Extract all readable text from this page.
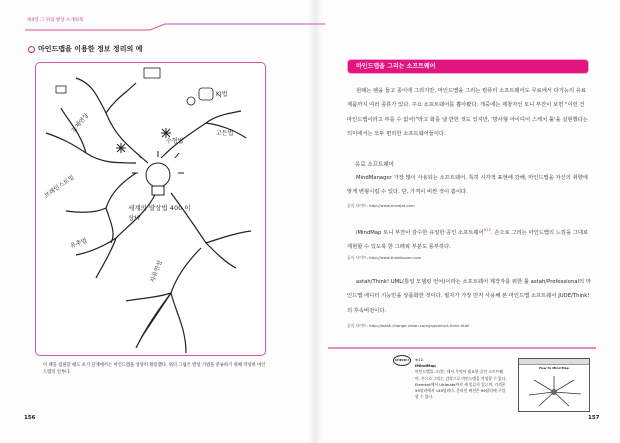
제4장 그 뒤의 발상 소개팅북
마인드맵을 이용한 정보 정리의 예
KJ법
고든법
수형법
강제연상
자유연상
브레인스토밍
유추법
세계의 발상법 400 이상!?
이 책을 집필할 때도 초기 단계에서는 마인드맵을 상당히 활용했다. 위의 그림은 발상 기법을 분류하기 위해 작성한 마인드맵의 일부다.
156
마인드맵을 그리는 소프트웨어
원래는 펜을 들고 종이에 그리지만, 마인드맵을 그리는 컴퓨터 소프트웨어도 무료에서 다기능의 유료 제품까지 여러 종류가 있다. 주요 소프트웨어를 뽑아봤다. 개중에는 제창자인 토니 부잔이 보면 "이런 건 마인드맵이라고 부를 수 없어!"라고 화를 낼 만한 것도 있지만, '방사형 아이디어 스케치 툴'을 실현했다는 의미에서는 모두 편리한 소프트웨어들이다.
유료 소프트웨어
MindManager 가장 많이 사용되는 소프트웨어. 특히 시각적 표현에 강해, 마인드맵을 자신의 취향에 맞게 변형시킬 수 있다. 단, 가격이 비싼 것이 흠이다.
공식 사이트: http://www.mindjet.com
iMindMap 토니 부잔이 감수한 유일한 공인 소프트웨어$^{※12}$. 손으로 그리는 마인드맵의 느낌을 그대로 재현할 수 있도록 한 그래픽 부분도 풍부하다.
공식 사이트: http://www.thinkbuzan.com
astah/Think! UML(통일 모델링 언어)이라는 소프트웨어 제작자를 위한 툴 astah/Professional의 마인드맵 에디터 기능만을 상품화한 것이다. 필자가 가장 먼저 사용해 본 마인드맵 소프트웨어 JUDE/Think!의 후속버전이다.
공식 사이트: http://astah.change-vision.com/ja/product-think.html
CHECK!!	※12.
iMindMap
마인드맵을 그리는 데서 무엇이 필요한 공인 소프트웨어. 손으로 그리는 감각으로 마인드맵을 작성할 수 있다. Element에서 Ultimate까지 세 종류가 있으며, 가격은 59달러에서 149달러다. 온라인 버전은 99달러에 구입할 수 있다.
How To Mind Map
157
